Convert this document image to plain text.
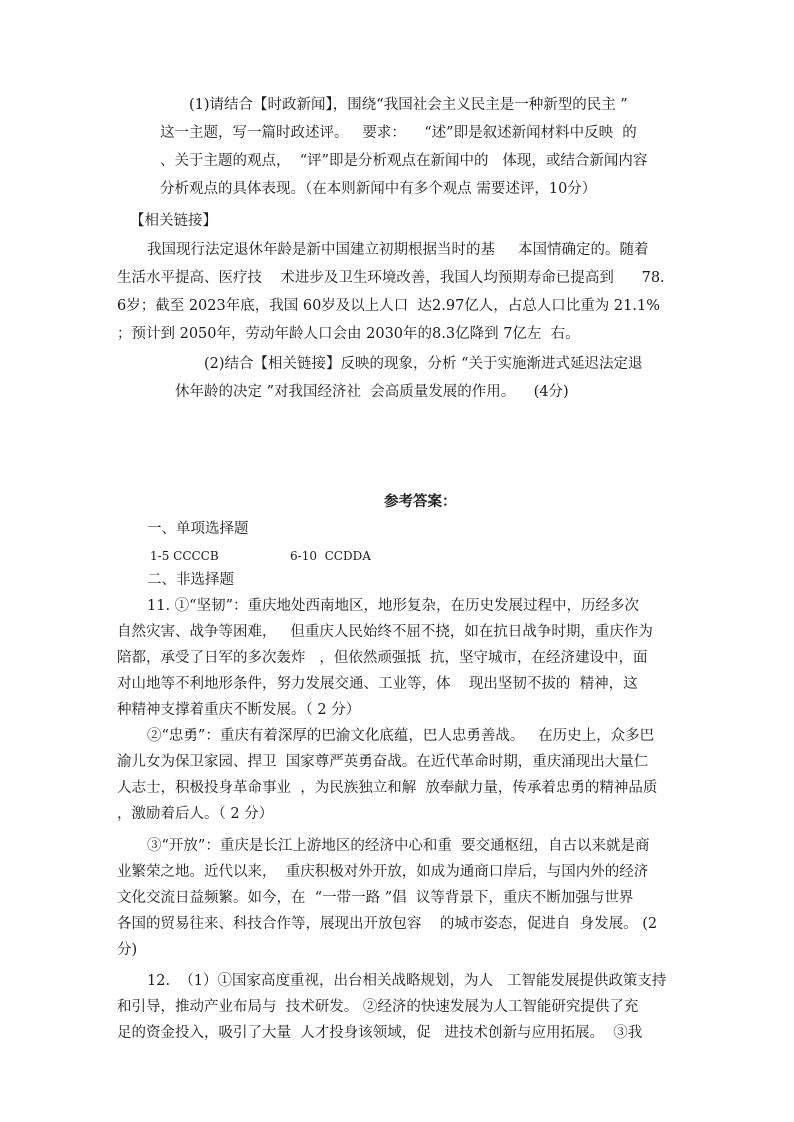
(1)请结合【时政新闻】，围绕“我国社会主义民主是一种新型的民主 ”
这一主题，写一篇时政述评。   要求：    “述”即是叙述新闻材料中反映  的
、关于主题的观点，  “评”即是分析观点在新闻中的   体现，或结合新闻内容
分析观点的具体表现。（在本则新闻中有多个观点 需要述评，10分）
【相关链接】
我国现行法定退休年龄是新中国建立初期根据当时的基     本国情确定的。随着
生活水平提高、医疗技    术进步及卫生环境改善，我国人均预期寿命已提高到      78.
6岁；截至 2023年底，我国 60岁及以上人口  达2.97亿人，占总人口比重为 21.1%
；预计到 2050年，劳动年龄人口会由 2030年的8.3亿降到 7亿左  右。
(2)结合【相关链接】反映的现象，分析 “关于实施渐进式延迟法定退
休年龄的决定 ”对我国经济社  会高质量发展的作用。    (4分)
参考答案：
一、单项选择题
1-5 CCCCB	6-10  CCDDA
二、非选择题
11. ①“坚韧”：重庆地处西南地区，地形复杂，在历史发展过程中，历经多次
自然灾害、战争等困难，   但重庆人民始终不屈不挠，如在抗日战争时期，重庆作为
陪都，承受了日军的多次轰炸   ，但依然顽强抵  抗，坚守城市，在经济建设中，面
对山地等不利地形条件，努力发展交通、工业等，体    现出坚韧不拔的  精神，这
种精神支撑着重庆不断发展。（ 2 分）
②“忠勇”：重庆有着深厚的巴渝文化底蕴，巴人忠勇善战。   在历史上，众多巴
渝儿女为保卫家园、捍卫  国家尊严英勇奋战。在近代革命时期，重庆涌现出大量仁
人志士，积极投身革命事业  ，为民族独立和解  放奉献力量，传承着忠勇的精神品质
，激励着后人。（ 2 分）
③“开放”：重庆是长江上游地区的经济中心和重  要交通枢纽，自古以来就是商
业繁荣之地。近代以来，  重庆积极对外开放，如成为通商口岸后，与国内外的经济
文化交流日益频繁。如今，在  “一带一路 ”倡  议等背景下，重庆不断加强与世界
各国的贸易往来、科技合作等，展现出开放包容    的城市姿态，促进自  身发展。 (2
分)
12.  （1）①国家高度重视，出台相关战略规划，为人   工智能发展提供政策支持
和引导，推动产业布局与  技术研发。 ②经济的快速发展为人工智能研究提供了充
足的资金投入，吸引了大量  人才投身该领域，促   进技术创新与应用拓展。  ③我
